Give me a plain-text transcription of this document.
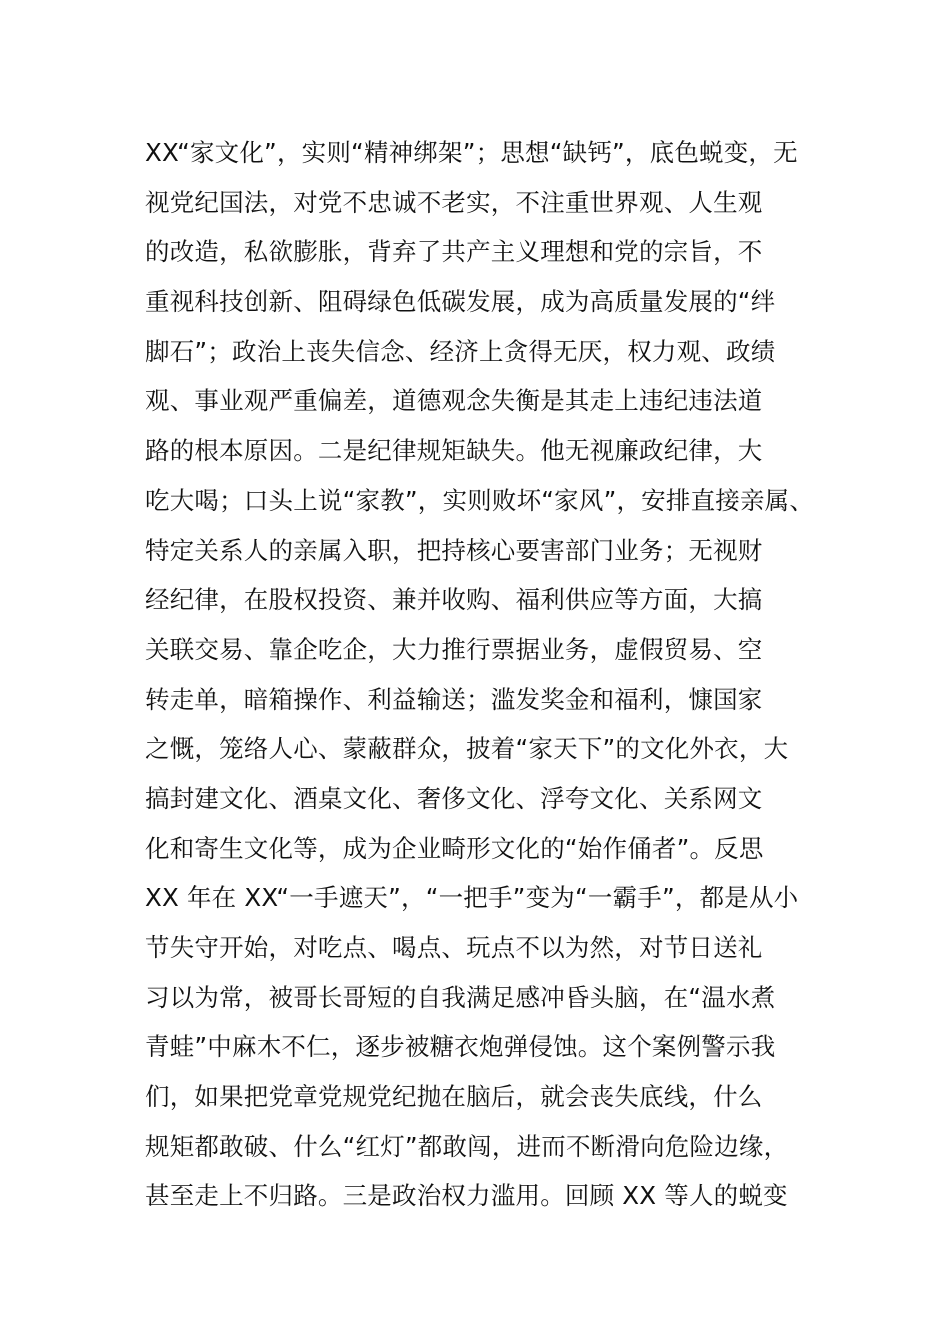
XX“家文化”，实则“精神绑架”；思想“缺钙”，底色蜕变，无
视党纪国法，对党不忠诚不老实，不注重世界观、人生观
的改造，私欲膨胀，背弃了共产主义理想和党的宗旨，不
重视科技创新、阻碍绿色低碳发展，成为高质量发展的“绊
脚石”；政治上丧失信念、经济上贪得无厌，权力观、政绩
观、事业观严重偏差，道德观念失衡是其走上违纪违法道
路的根本原因。二是纪律规矩缺失。他无视廉政纪律，大
吃大喝；口头上说“家教”，实则败坏“家风”，安排直接亲属、
特定关系人的亲属入职，把持核心要害部门业务；无视财
经纪律，在股权投资、兼并收购、福利供应等方面，大搞
关联交易、靠企吃企，大力推行票据业务，虚假贸易、空
转走单，暗箱操作、利益输送；滥发奖金和福利，慷国家
之慨，笼络人心、蒙蔽群众，披着“家天下”的文化外衣，大
搞封建文化、酒桌文化、奢侈文化、浮夸文化、关系网文
化和寄生文化等，成为企业畸形文化的“始作俑者”。反思
XX 年在 XX“一手遮天”，“一把手”变为“一霸手”，都是从小
节失守开始，对吃点、喝点、玩点不以为然，对节日送礼
习以为常，被哥长哥短的自我满足感冲昏头脑，在“温水煮
青蛙”中麻木不仁，逐步被糖衣炮弹侵蚀。这个案例警示我
们，如果把党章党规党纪抛在脑后，就会丧失底线，什么
规矩都敢破、什么“红灯”都敢闯，进而不断滑向危险边缘，
甚至走上不归路。三是政治权力滥用。回顾 XX 等人的蜕变
